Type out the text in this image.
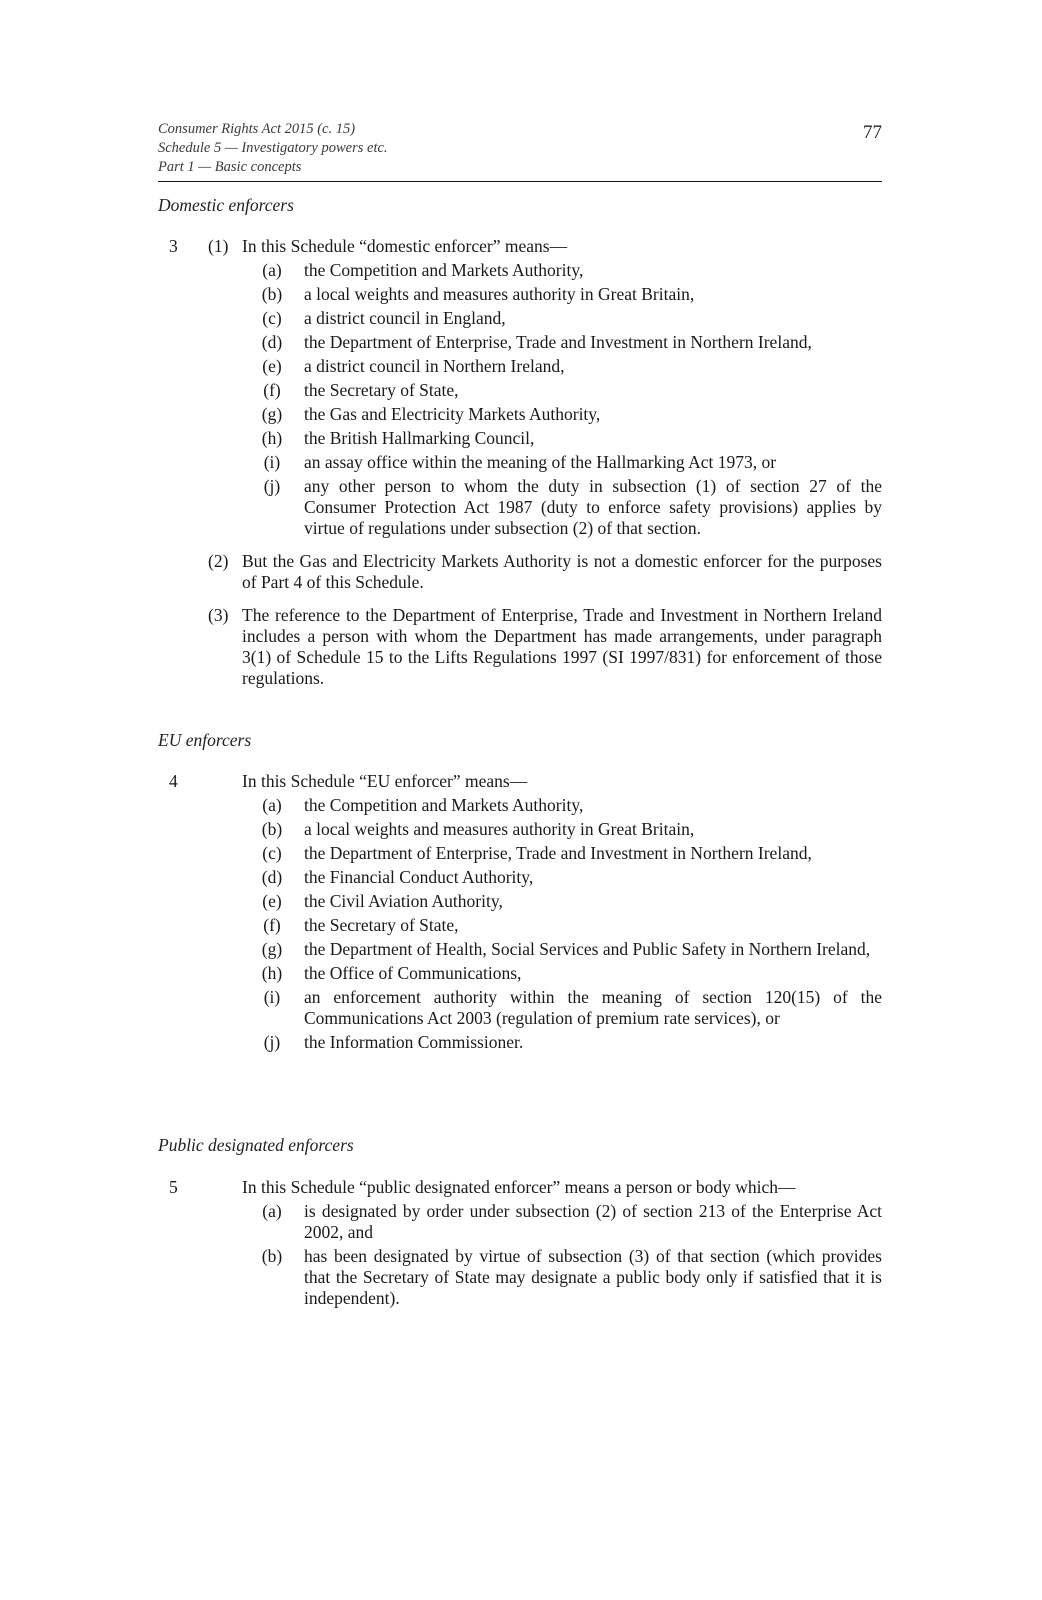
Consumer Rights Act 2015 (c. 15)
Schedule 5 — Investigatory powers etc.
Part 1 — Basic concepts
77
Domestic enforcers
3 (1) In this Schedule “domestic enforcer” means—
(a)	the Competition and Markets Authority,
(b)	a local weights and measures authority in Great Britain,
(c)	a district council in England,
(d)	the Department of Enterprise, Trade and Investment in Northern Ireland,
(e)	a district council in Northern Ireland,
(f)	the Secretary of State,
(g)	the Gas and Electricity Markets Authority,
(h)	the British Hallmarking Council,
(i)	an assay office within the meaning of the Hallmarking Act 1973, or
(j)	any other person to whom the duty in subsection (1) of section 27 of the Consumer Protection Act 1987 (duty to enforce safety provisions) applies by virtue of regulations under subsection (2) of that section.
(2) But the Gas and Electricity Markets Authority is not a domestic enforcer for the purposes of Part 4 of this Schedule.
(3) The reference to the Department of Enterprise, Trade and Investment in Northern Ireland includes a person with whom the Department has made arrangements, under paragraph 3(1) of Schedule 15 to the Lifts Regulations 1997 (SI 1997/831) for enforcement of those regulations.
EU enforcers
4	In this Schedule “EU enforcer” means—
(a)	the Competition and Markets Authority,
(b)	a local weights and measures authority in Great Britain,
(c)	the Department of Enterprise, Trade and Investment in Northern Ireland,
(d)	the Financial Conduct Authority,
(e)	the Civil Aviation Authority,
(f)	the Secretary of State,
(g)	the Department of Health, Social Services and Public Safety in Northern Ireland,
(h)	the Office of Communications,
(i)	an enforcement authority within the meaning of section 120(15) of the Communications Act 2003 (regulation of premium rate services), or
(j)	the Information Commissioner.
Public designated enforcers
5	In this Schedule “public designated enforcer” means a person or body which—
(a)	is designated by order under subsection (2) of section 213 of the Enterprise Act 2002, and
(b)	has been designated by virtue of subsection (3) of that section (which provides that the Secretary of State may designate a public body only if satisfied that it is independent).
